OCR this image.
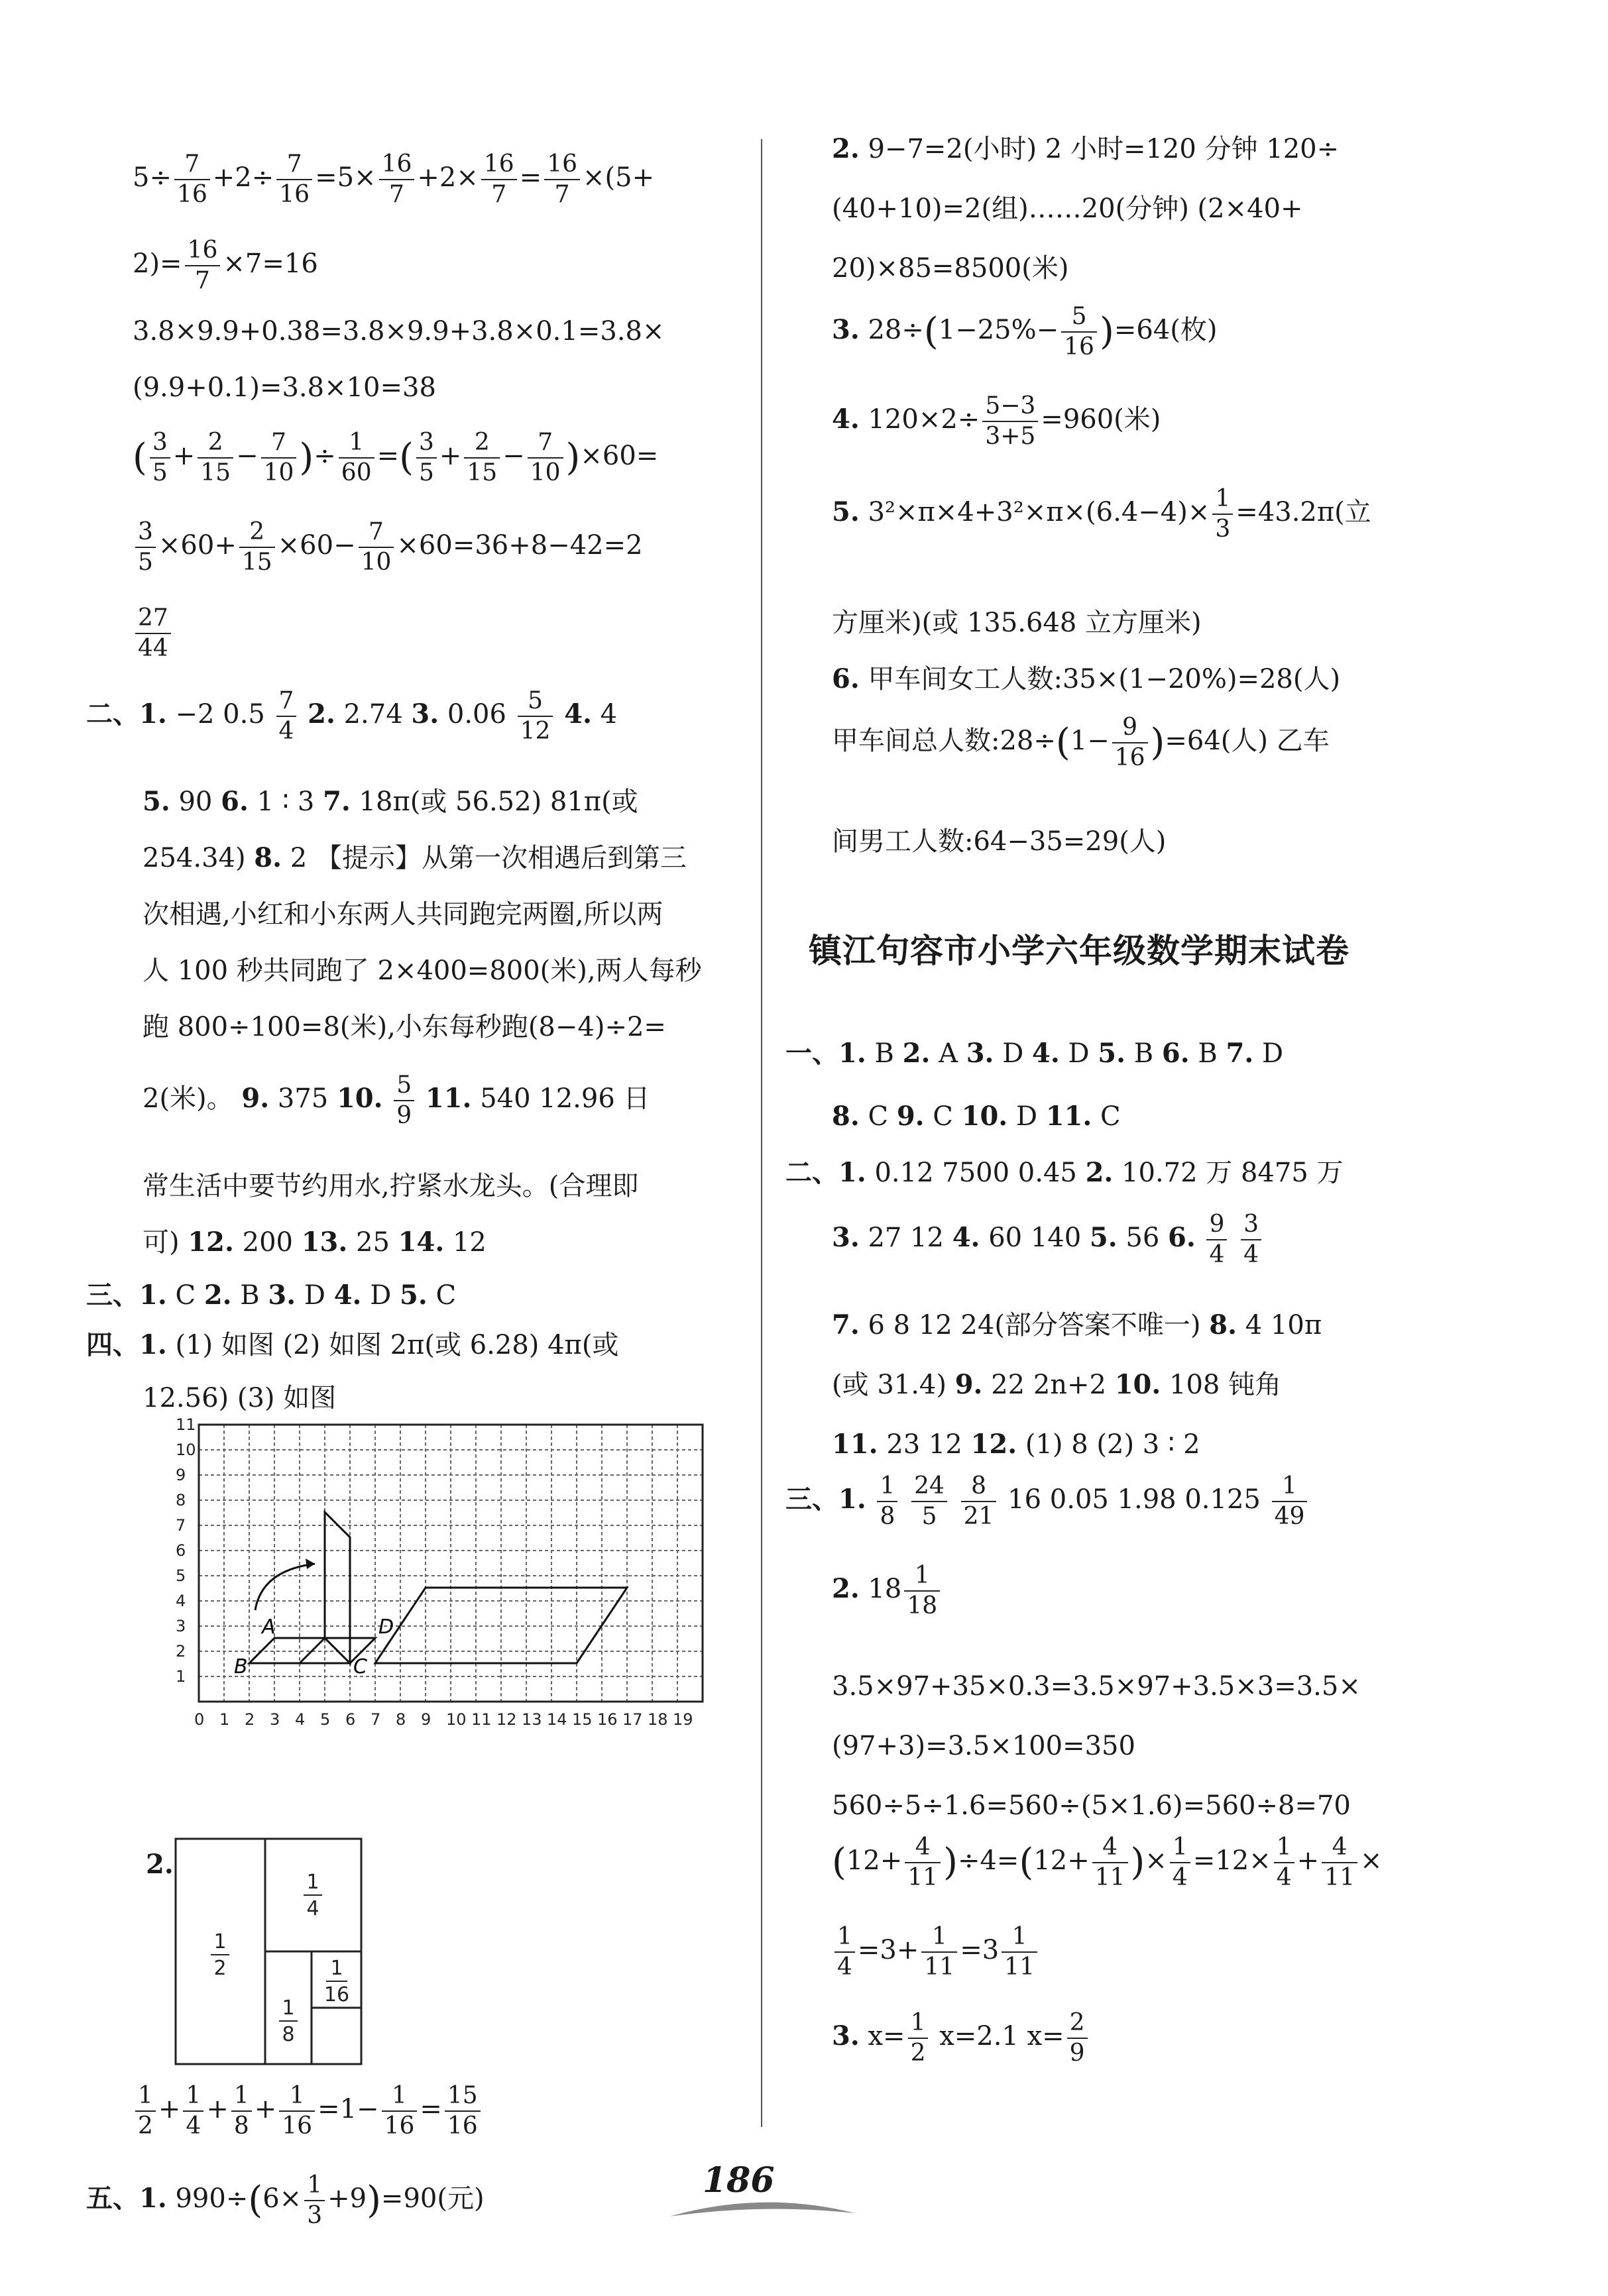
$5\div \frac{7}{16} +2\div \frac{7}{16} =5\times \frac{16}{7} +2\times \frac{16}{7} = \frac{16}{7} \times(5+$
$2)= \frac{16}{7} \times 7=16$
3.8×9.9+0.38=3.8×9.9+3.8×0.1=3.8×
(9.9+0.1)=3.8×10=38
( $\frac{3}{5} + \frac{2}{15} - \frac{7}{10}$ )÷ $\frac{1}{60}$ =( $\frac{3}{5} + \frac{2}{15} - \frac{7}{10} )\times 60=$
$\frac{3}{5} \times 60+ \frac{2}{15} \times 60- \frac{7}{10} \times 60=36+8-42=2$
$\frac{27}{44}$
二、1. −2 $0.5 \frac{7}{4} 2$. 2.74 3. $0.06 \frac{5}{12} 4$. 4
5. 90 6. 1 ∶ 3 7. 18π(或 56.52) 81π(或
254.34) 8. 2 【提示】从第一次相遇后到第三
次相遇,小红和小东两人共同跑完两圈,所以两
人 100 秒共同跑了 2×400=800(米),两人每秒
跑 800÷100=8(米),小东每秒跑(8−4)÷2=
2(米)。 9. 375 10. $\frac{5}{9} 11$. 540 12.96 日
常生活中要节约用水,拧紧水龙头。(合理即
可) 12. 200 13. 25 14. 12
三、1. C 2. B 3. D 4. D 5. C
四、1. (1) 如图 (2) 如图 2π(或 6.28) 4π(或
12.56) (3) 如图
1
2
3
4
5
6
7
8
9
10
11
0 1 2 3 4 5 6 7 8 9 10 11 12 13 14 15 16 17 18 19
A
B	C
D
2.
1
2
1
4
1
8
1
16
$\frac{1}{2} + \frac{1}{4} + \frac{1}{8} + \frac{1}{16} =1- \frac{1}{16} = \frac{15}{16}$
五、1. $990\div(6\times \frac{1}{3} +9)=90$(元)
2. 9−7=2(小时) 2 小时=120 分钟 120÷
(40+10)=2(组)……20(分钟) (2×40+
20)×85=8500(米)
3. $28\div(1-25\%- \frac{5}{16} )=64$(枚)
4. $120\times 2\div \frac{5-3}{3+5} =960$(米)
5. $3^2\times\pi\times 4+3^2\times\pi\times(6.4-4)\times \frac{1}{3} =43.2\pi$(立
方厘米)(或 135.648 立方厘米)
6. 甲车间女工人数:35×(1−20%)=28(人)
甲车间总人数:28÷(1− $\frac{9}{16} )=64$(人) 乙车
间男工人数:64−35=29(人)
镇江句容市小学六年级数学期末试卷
一、1. B 2. A 3. D 4. D 5. B 6. B 7. D
8. C 9. C 10. D 11. C
二、1. 0.12 7500 0.45 2. 10.72 万 8475 万
3. 27 12 4. 60 140 5. 56 6. $\frac{9}{4}$
$\frac{3}{4}$
7. 6 8 12 24(部分答案不唯一) 8. 4 10π
(或 31.4) 9. 22 2n+2 10. 108 钝角
11. 23 12 12. (1) 8 (2) 3 ∶ 2
三、1. $\frac{1}{8}$
$\frac{24}{5}$
$\frac{8}{21} 16$ 0.05 1.98 $0.125 \frac{1}{49}$
2. $18 \frac{1}{18}$
3.5×97+35×0.3=3.5×97+3.5×3=3.5×
(97+3)=3.5×100=350
560÷5÷1.6=560÷(5×1.6)=560÷8=70
$(12+ \frac{4}{11} )\div 4=(12+ \frac{4}{11}$ )× $\frac{1}{4} =12\times \frac{1}{4} + \frac{4}{11}$ ×
$\frac{1}{4} =3+ \frac{1}{11} =3 \frac{1}{11}$
3. $x= \frac{1}{2} x=2.1$ $x= \frac{2}{9}$
186
